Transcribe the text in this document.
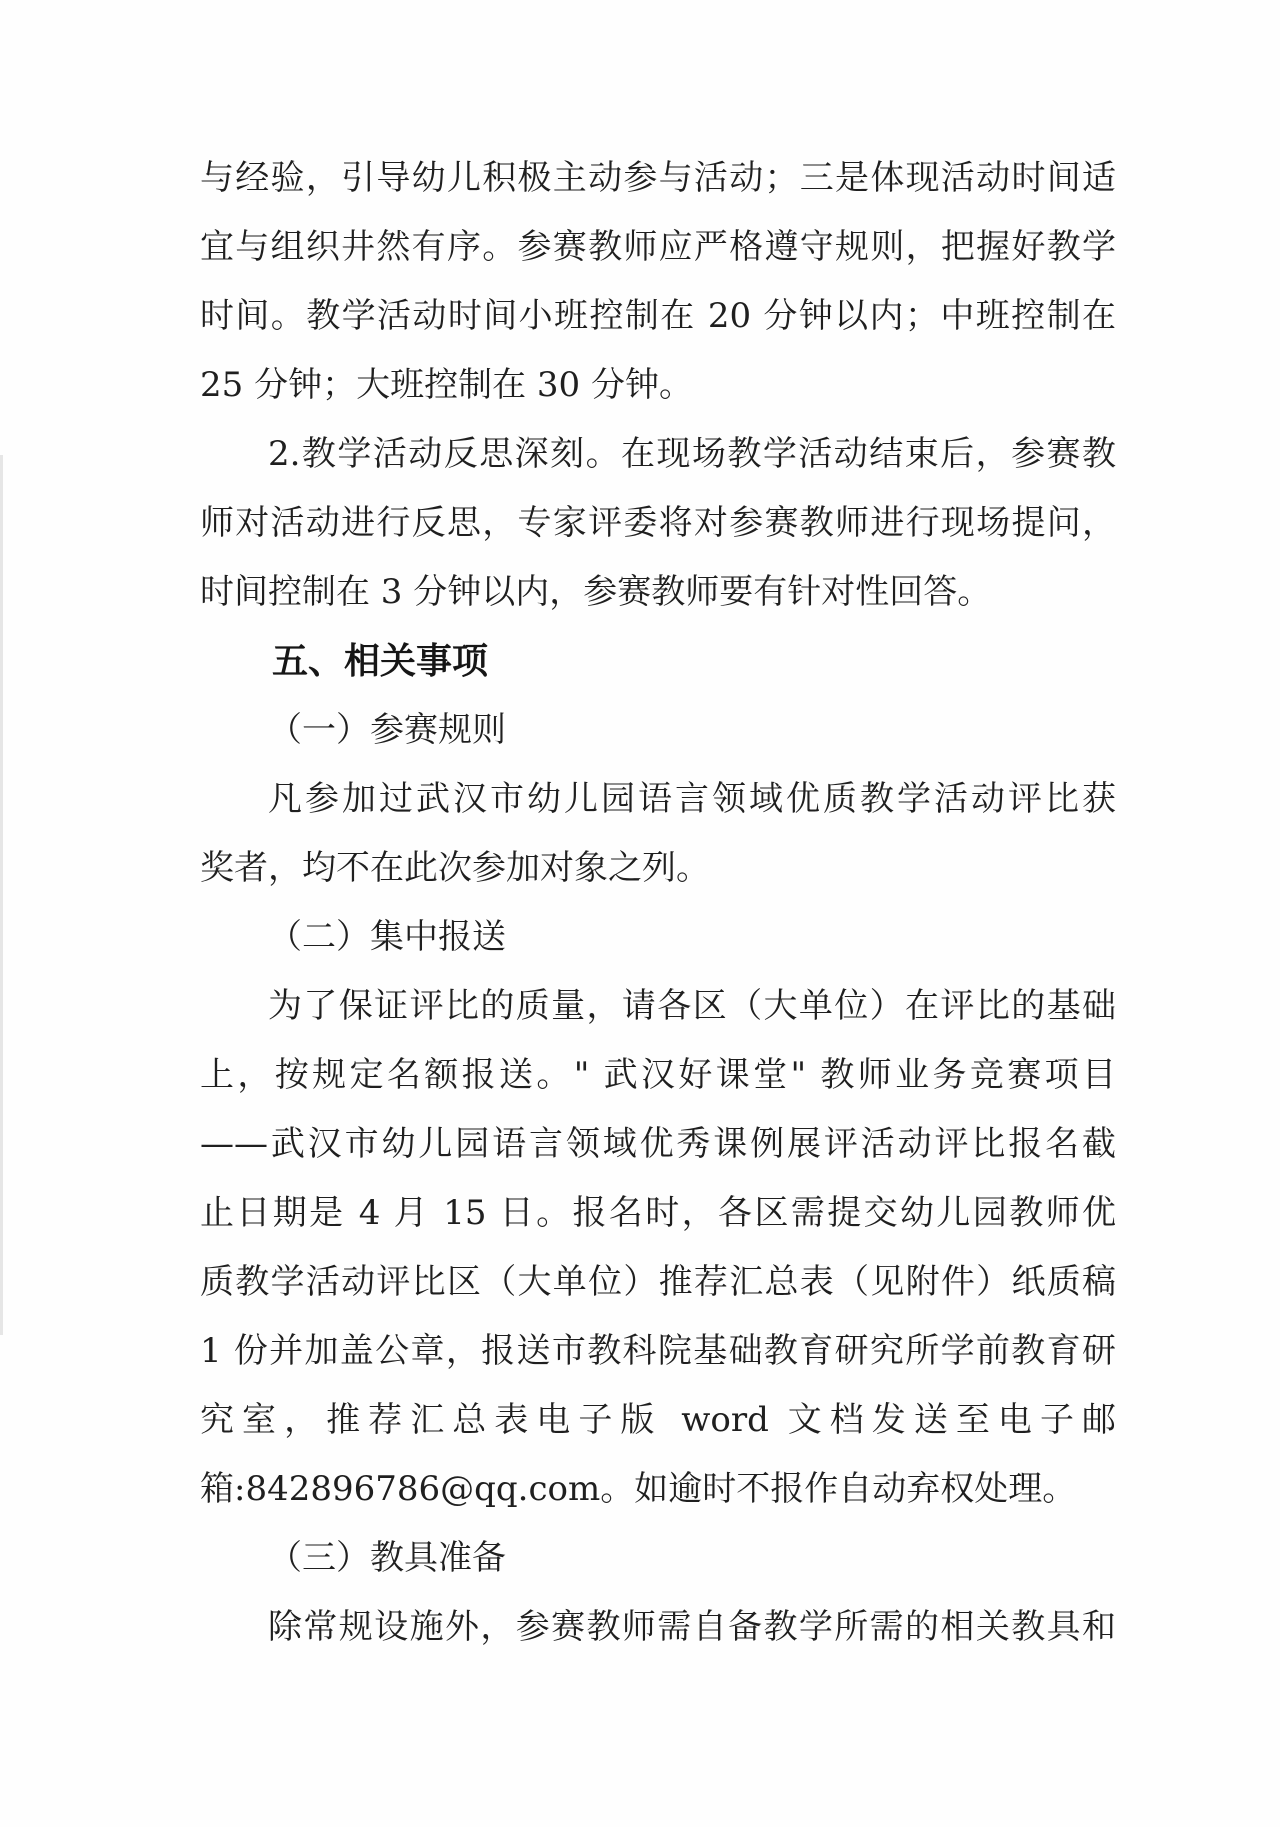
与经验，引导幼儿积极主动参与活动；三是体现活动时间适
宜与组织井然有序。参赛教师应严格遵守规则，把握好教学
时间。教学活动时间小班控制在 20 分钟以内；中班控制在
25 分钟；大班控制在 30 分钟。
2.教学活动反思深刻。在现场教学活动结束后，参赛教
师对活动进行反思，专家评委将对参赛教师进行现场提问，
时间控制在 3 分钟以内，参赛教师要有针对性回答。
五、相关事项
（一）参赛规则
凡参加过武汉市幼儿园语言领域优质教学活动评比获
奖者，均不在此次参加对象之列。
（二）集中报送
为了保证评比的质量，请各区（大单位）在评比的基础
上，按规定名额报送。" 武汉好课堂" 教师业务竞赛项目
——武汉市幼儿园语言领域优秀课例展评活动评比报名截
止日期是 4 月 15 日。报名时，各区需提交幼儿园教师优
质教学活动评比区（大单位）推荐汇总表（见附件）纸质稿
1 份并加盖公章，报送市教科院基础教育研究所学前教育研
究室，推荐汇总表电子版 word 文档发送至电子邮
箱:842896786@qq.com。如逾时不报作自动弃权处理。
（三）教具准备
除常规设施外，参赛教师需自备教学所需的相关教具和
